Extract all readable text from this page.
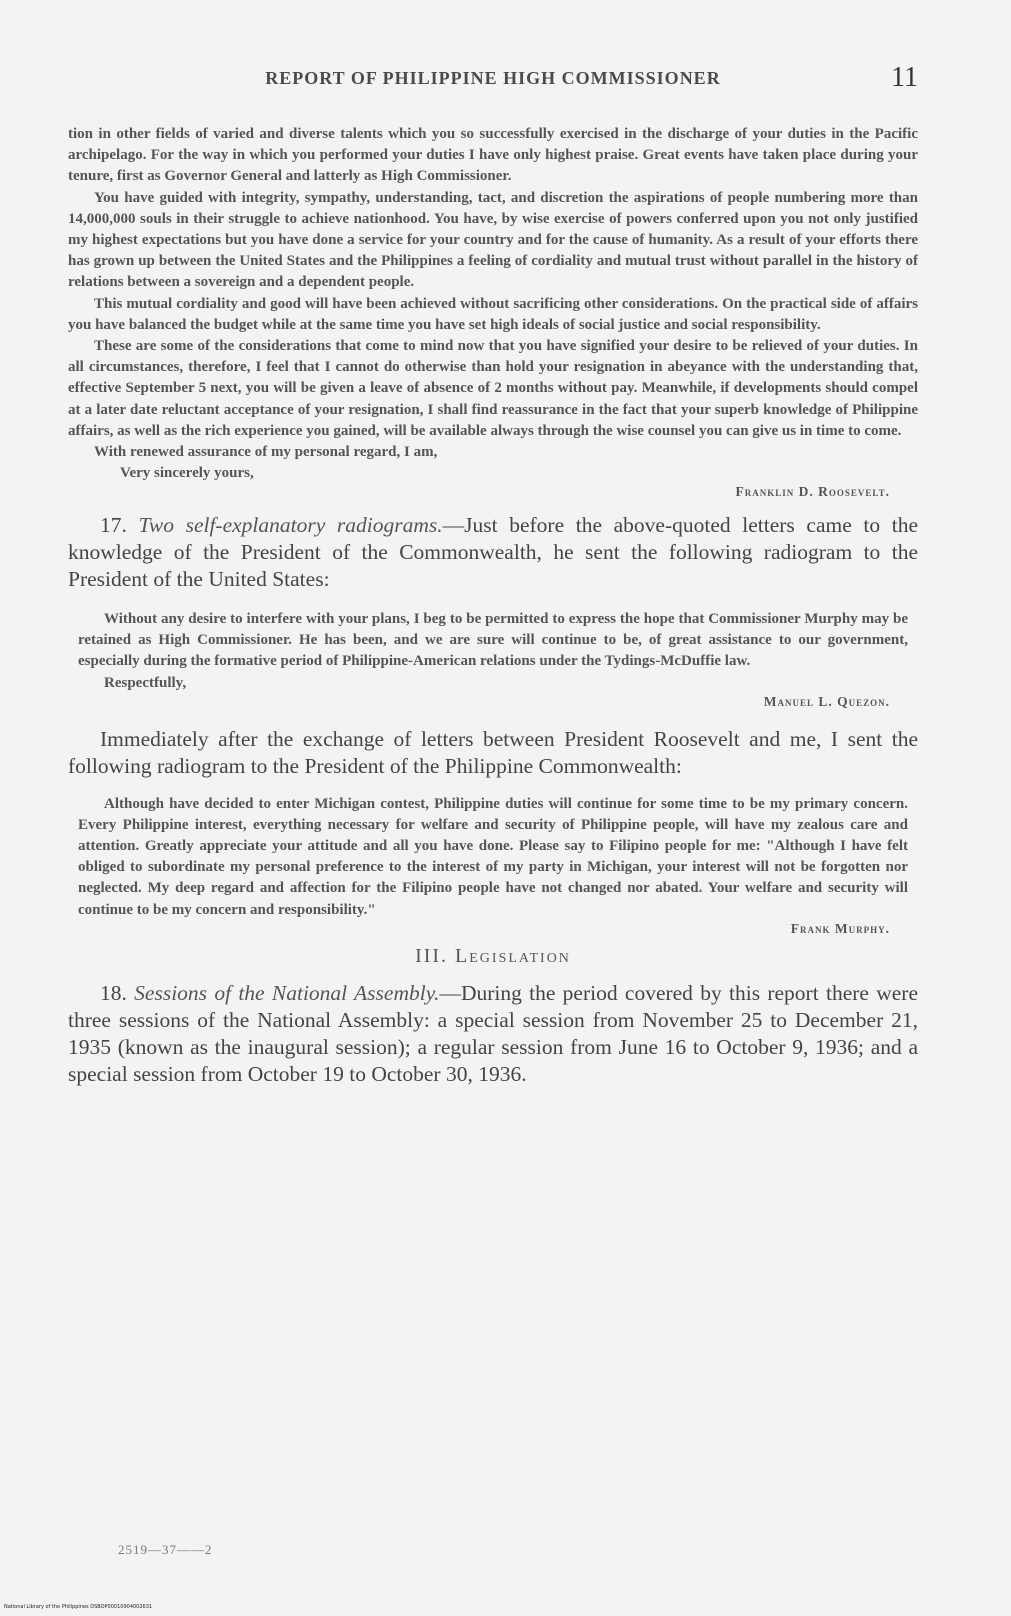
REPORT OF PHILIPPINE HIGH COMMISSIONER	11

tion in other fields of varied and diverse talents which you so successfully exercised in the discharge of your duties in the Pacific archipelago. For the way in which you performed your duties I have only highest praise. Great events have taken place during your tenure, first as Governor General and latterly as High Commissioner.

You have guided with integrity, sympathy, understanding, tact, and discretion the aspirations of people numbering more than 14,000,000 souls in their struggle to achieve nationhood. You have, by wise exercise of powers conferred upon you not only justified my highest expectations but you have done a service for your country and for the cause of humanity. As a result of your efforts there has grown up between the United States and the Philippines a feeling of cordiality and mutual trust without parallel in the history of relations between a sovereign and a dependent people.

This mutual cordiality and good will have been achieved without sacrificing other considerations. On the practical side of affairs you have balanced the budget while at the same time you have set high ideals of social justice and social responsibility.

These are some of the considerations that come to mind now that you have signified your desire to be relieved of your duties. In all circumstances, therefore, I feel that I cannot do otherwise than hold your resignation in abeyance with the understanding that, effective September 5 next, you will be given a leave of absence of 2 months without pay. Meanwhile, if developments should compel at a later date reluctant acceptance of your resignation, I shall find reassurance in the fact that your superb knowledge of Philippine affairs, as well as the rich experience you gained, will be available always through the wise counsel you can give us in time to come.

With renewed assurance of my personal regard, I am,

Very sincerely yours,

Franklin D. Roosevelt.

17. Two self-explanatory radiograms.—Just before the above-quoted letters came to the knowledge of the President of the Commonwealth, he sent the following radiogram to the President of the United States:

Without any desire to interfere with your plans, I beg to be permitted to express the hope that Commissioner Murphy may be retained as High Commissioner. He has been, and we are sure will continue to be, of great assistance to our government, especially during the formative period of Philippine-American relations under the Tydings-McDuffie law.

Respectfully,

Manuel L. Quezon.

Immediately after the exchange of letters between President Roosevelt and me, I sent the following radiogram to the President of the Philippine Commonwealth:

Although have decided to enter Michigan contest, Philippine duties will continue for some time to be my primary concern. Every Philippine interest, everything necessary for welfare and security of Philippine people, will have my zealous care and attention. Greatly appreciate your attitude and all you have done. Please say to Filipino people for me: "Although I have felt obliged to subordinate my personal preference to the interest of my party in Michigan, your interest will not be forgotten nor neglected. My deep regard and affection for the Filipino people have not changed nor abated. Your welfare and security will continue to be my concern and responsibility."

Frank Murphy.

III. Legislation

18. Sessions of the National Assembly.—During the period covered by this report there were three sessions of the National Assembly: a special session from November 25 to December 21, 1935 (known as the inaugural session); a regular session from June 16 to October 9, 1936; and a special session from October 19 to October 30, 1936.

2519—37——2
National Library of the Philippines DSBOP00010904002631
